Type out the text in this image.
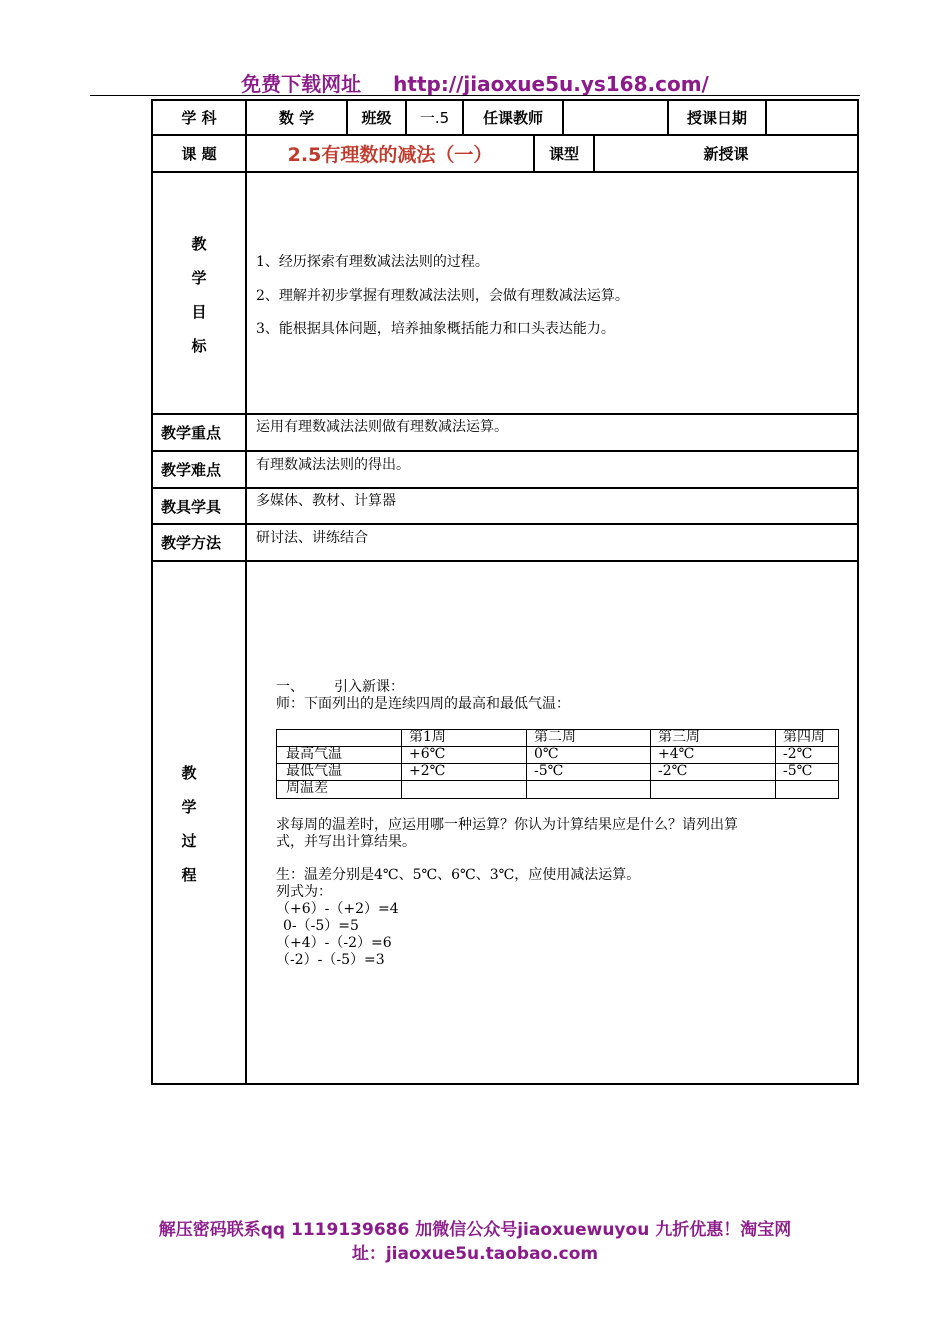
免费下载网址 http://jiaoxue5u.ys168.com/
学 科	数 学	班级	一.5	任课教师	授课日期
课 题	2.5有理数的减法（一）	课型	新授课
教
学
目
标
1、经历探索有理数减法法则的过程。
2、理解并初步掌握有理数减法法则，会做有理数减法运算。
3、能根据具体问题，培养抽象概括能力和口头表达能力。
教学重点	运用有理数减法法则做有理数减法运算。
教学难点	有理数减法法则的得出。
教具学具	多媒体、教材、计算器
教学方法	研讨法、讲练结合
教
学
过
程
一、 引入新课：
师：下面列出的是连续四周的最高和最低气温：
第1周	第二周	第三周	第四周
最高气温	+6℃	0℃	+4℃	-2℃
最低气温	+2℃	-5℃	-2℃	-5℃
周温差
求每周的温差时，应运用哪一种运算？你认为计算结果应是什么？请列出算
式，并写出计算结果。
生：温差分别是4℃、5℃、6℃、3℃，应使用减法运算。
列式为：
（+6）-（+2）=4
0-（-5）=5
（+4）-（-2）=6
（-2）-（-5）=3
解压密码联系qq 1119139686 加微信公众号jiaoxuewuyou 九折优惠！淘宝网
址：jiaoxue5u.taobao.com
